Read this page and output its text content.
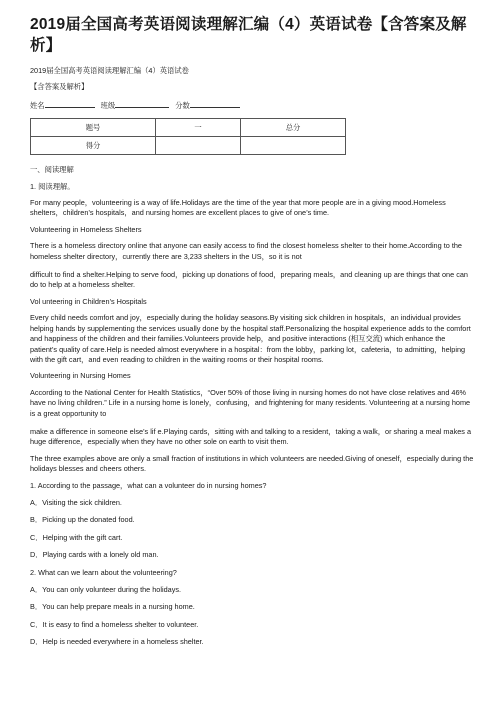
2019届全国高考英语阅读理解汇编（4）英语试卷【含答案及解析】

2019届全国高考英语阅读理解汇编（4）英语试卷

【含答案及解析】

姓名	班级	分数

题号	一	总分
得分		

一、阅读理解

1. 阅读理解。

For many people，volunteering is a way of life.Holidays are the time of the year that more people are in a giving mood.Homeless shelters，children’s hospitals，and nursing homes are excellent places to give of one’s time.

Volunteering in Homeless Shelters

There is a homeless directory online that anyone can easily access to find the closest homeless shelter to their home.According to the homeless shelter directory，currently there are 3,233 shelters in the US，so it is not

difficult to find a shelter.Helping to serve food，picking up donations of food，preparing meals，and cleaning up are things that one can do to help at a homeless shelter.

Vol unteering in Children’s Hospitals

Every child needs comfort and joy，especially during the holiday seasons.By visiting sick children in hospitals，an individual provides helping hands by supplementing the services usually done by the hospital staff.Personalizing the hospital experience adds to the comfort and happiness of the children and their families.Volunteers provide help，and positive interactions (相互交流) which enhance the patient’s quality of care.Help is needed almost everywhere in a hospital：from the lobby，parking lot，cafeteria，to admitting，helping with the gift cart，and even reading to children in the waiting rooms or their hospital rooms.

Volunteering in Nursing Homes

According to the National Center for Health Statistics，“Over 50% of those living in nursing homes do not have close relatives and 46% have no living children.” Life in a nursing home is lonely，confusing，and frightening for many residents. Volunteering at a nursing home is a great opportunity to

make a difference in someone else’s lif e.Playing cards，sitting with and talking to a resident，taking a walk，or sharing a meal makes a huge difference，especially when they have no other sole on earth to visit them.

The three examples above are only a small fraction of institutions in which volunteers are needed.Giving of oneself，especially during the holidays blesses and cheers others.

1. According to the passage，what can a volunteer do in nursing homes?

A．Visiting the sick children.

B．Picking up the donated food.

C．Helping with the gift cart.

D．Playing cards with a lonely old man.

2. What can we learn about the volunteering?

A．You can only volunteer during the holidays.

B．You can help prepare meals in a nursing home.

C．It is easy to find a homeless shelter to volunteer.

D．Help is needed everywhere in a homeless shelter.
